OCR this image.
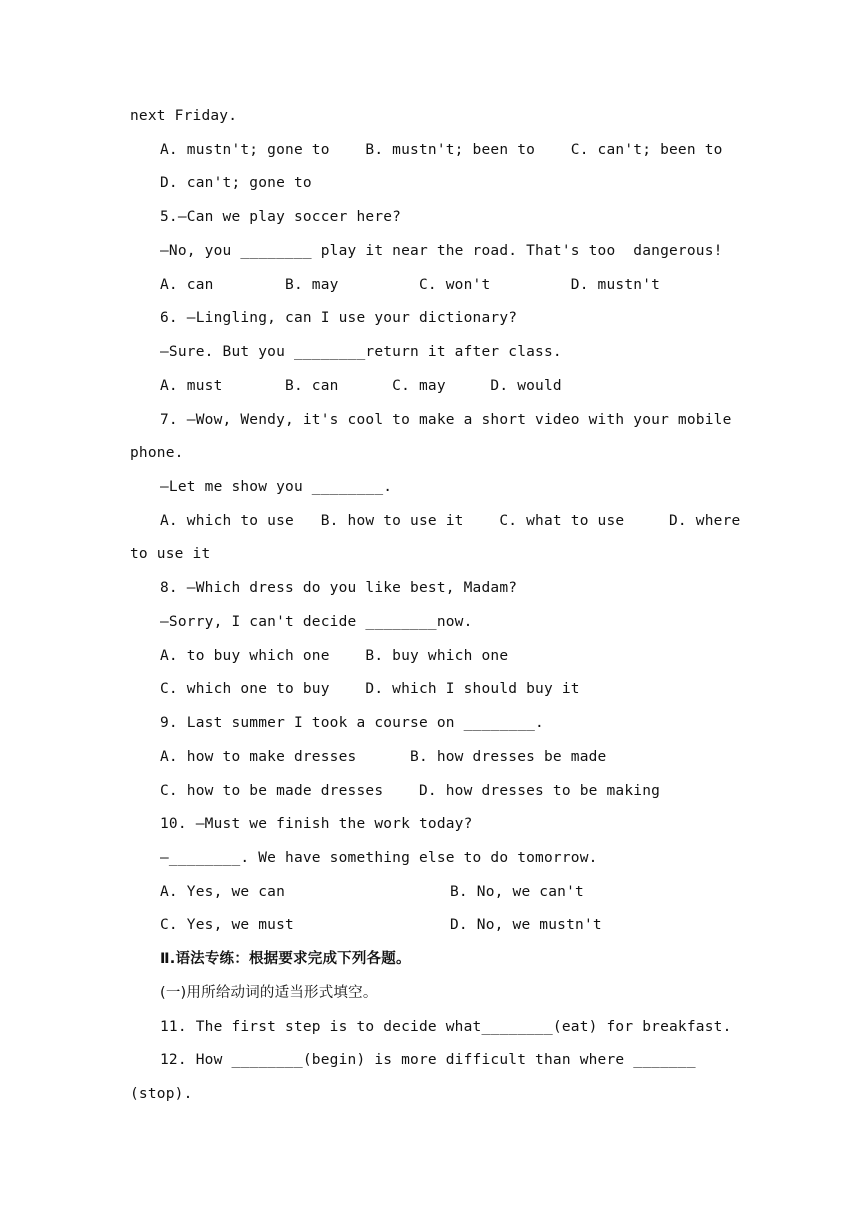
next Friday.
A. mustn't; gone to    B. mustn't; been to    C. can't; been to
D. can't; gone to
5.—Can we play soccer here?
—No, you ________ play it near the road. That's too  dangerous!
A. can        B. may         C. won't         D. mustn't
6. —Lingling, can I use your dictionary?
—Sure. But you ________return it after class.
A. must       B. can      C. may     D. would
7. —Wow, Wendy, it's cool to make a short video with your mobile
phone.
—Let me show you ________.
A. which to use   B. how to use it    C. what to use     D. where
to use it
8. —Which dress do you like best, Madam?
—Sorry, I can't decide ________now.
A. to buy which one    B. buy which one
C. which one to buy    D. which I should buy it
9. Last summer I took a course on ________.
A. how to make dresses      B. how dresses be made
C. how to be made dresses    D. how dresses to be making
10. —Must we finish the work today?
—________. We have something else to do tomorrow.
A. Yes, we can	B. No, we can't
C. Yes, we must	D. No, we mustn't
Ⅱ.语法专练：根据要求完成下列各题。
(一)用所给动词的适当形式填空。
11. The first step is to decide what________(eat) for breakfast.
12. How ________(begin) is more difficult than where _______
(stop).
